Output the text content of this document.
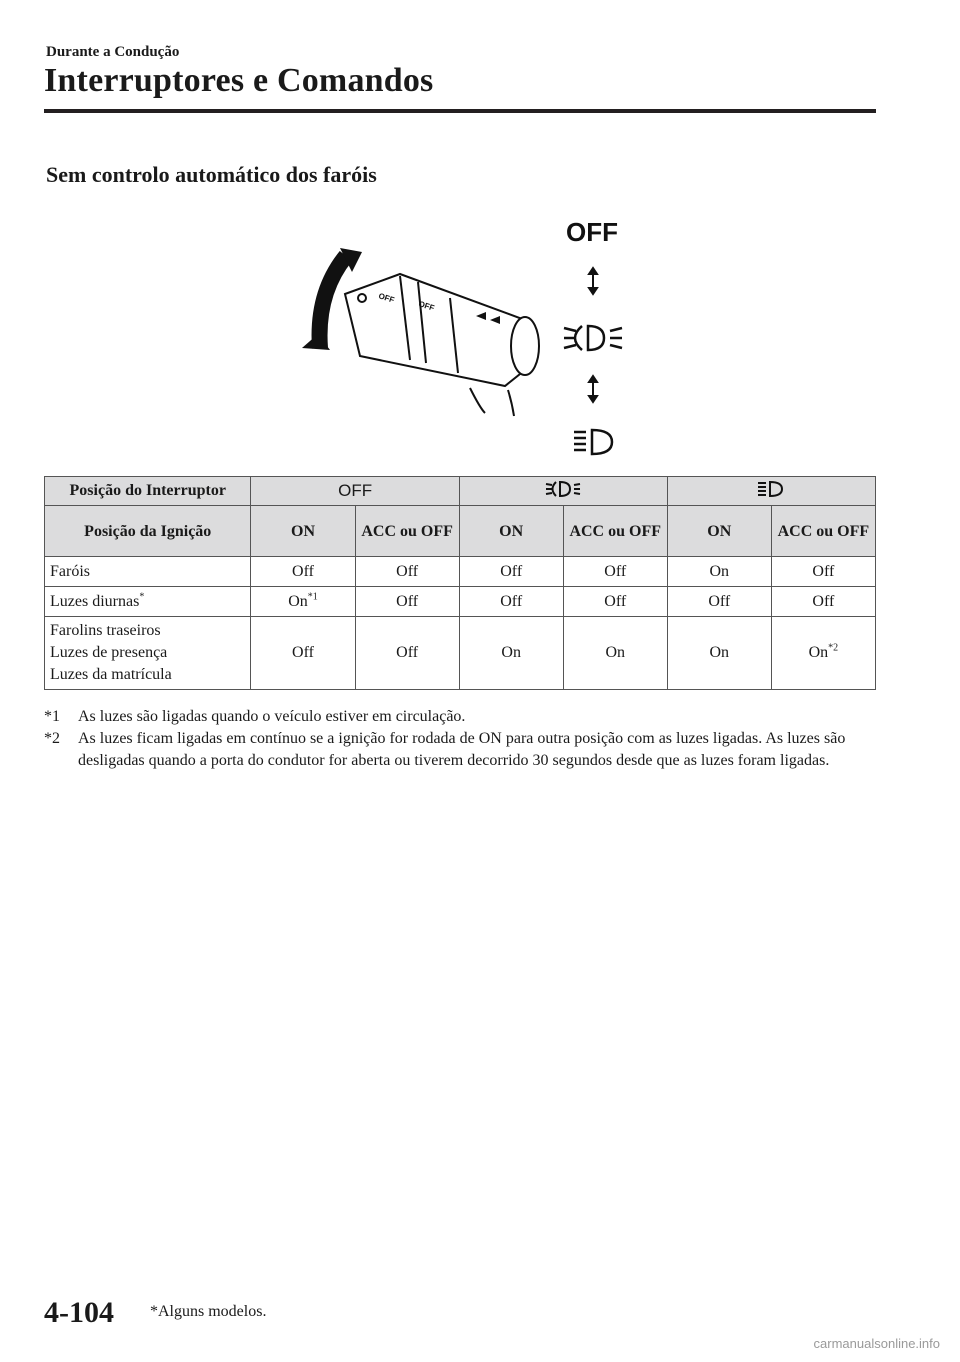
Durante a Condução
Interruptores e Comandos
Sem controlo automático dos faróis
OFF
OFF
OFF
Posição do Interruptor	OFF		
Posição da Ignição	ON	ACC ou OFF	ON	ACC ou OFF	ON	ACC ou OFF
Faróis	Off	Off	Off	Off	On	Off
Luzes diurnas*	On$^{*1}$	Off	Off	Off	Off	Off

Farolins traseiros
Luzes de presença
Luzes da matrícula	Off	Off	On	On	On	On$^{*2}$
*1 As luzes são ligadas quando o veículo estiver em circulação.
*2 As luzes ficam ligadas em contínuo se a ignição for rodada de ON para outra posição com as luzes ligadas. As luzes são desligadas quando a porta do condutor for aberta ou tiverem decorrido 30 segundos desde que as luzes foram ligadas.
4-104 *Alguns modelos.
carmanualsonline.info
